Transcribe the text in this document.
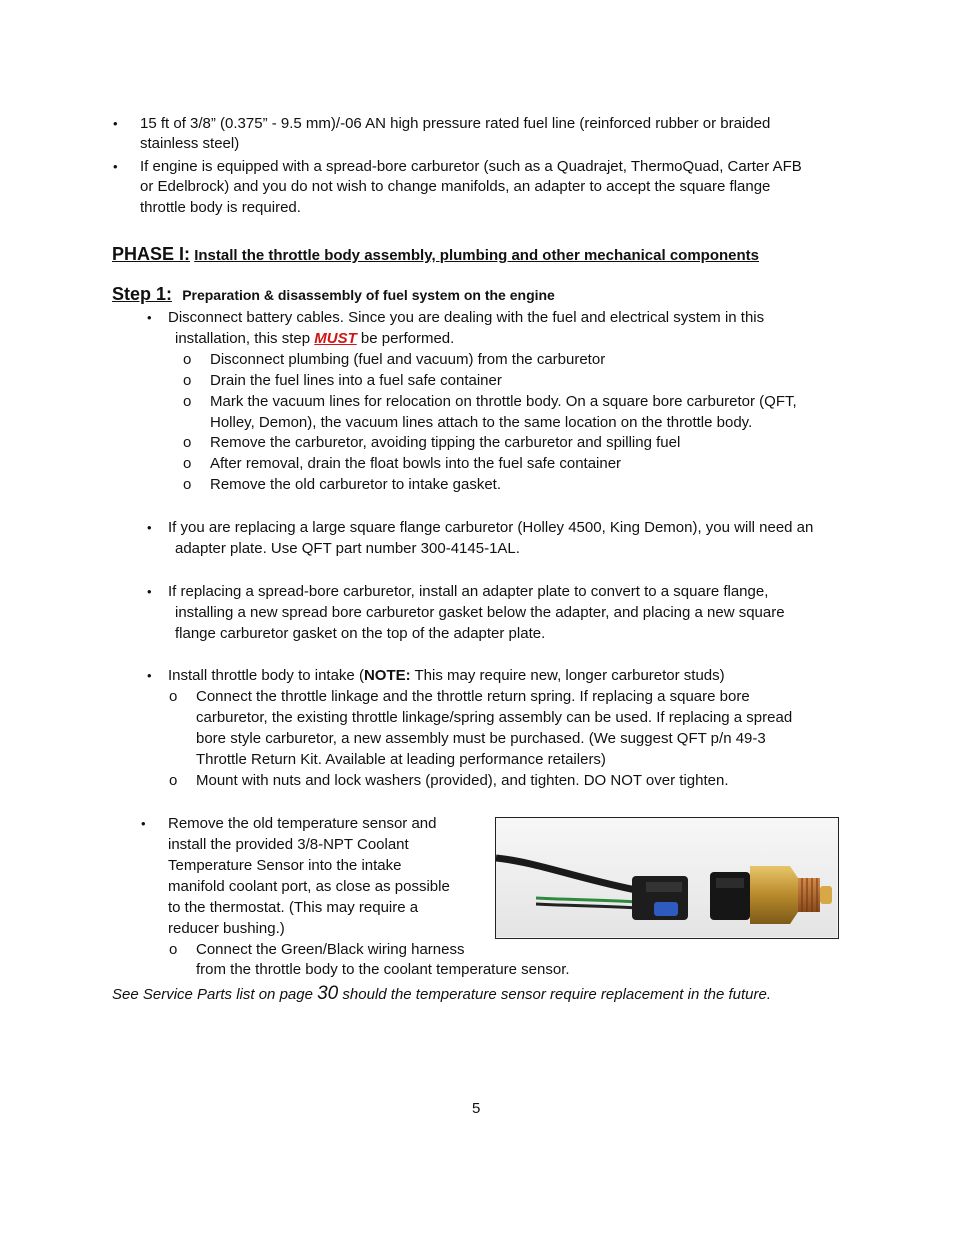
• 15 ft of 3/8” (0.375” - 9.5 mm)/-06 AN high pressure rated fuel line (reinforced rubber or braided
stainless steel)
• If engine is equipped with a spread-bore carburetor (such as a Quadrajet, ThermoQuad, Carter AFB
or Edelbrock) and you do not wish to change manifolds, an adapter to accept the square flange
throttle body is required.
PHASE I: Install the throttle body assembly, plumbing and other mechanical components
Step 1: Preparation & disassembly of fuel system on the engine
• Disconnect battery cables. Since you are dealing with the fuel and electrical system in this
installation, this step MUST be performed.
o Disconnect plumbing (fuel and vacuum) from the carburetor
o Drain the fuel lines into a fuel safe container
o Mark the vacuum lines for relocation on throttle body. On a square bore carburetor (QFT,
Holley, Demon), the vacuum lines attach to the same location on the throttle body.
o Remove the carburetor, avoiding tipping the carburetor and spilling fuel
o After removal, drain the float bowls into the fuel safe container
o Remove the old carburetor to intake gasket.
• If you are replacing a large square flange carburetor (Holley 4500, King Demon), you will need an
adapter plate. Use QFT part number 300-4145-1AL.
• If replacing a spread-bore carburetor, install an adapter plate to convert to a square flange,
installing a new spread bore carburetor gasket below the adapter, and placing a new square
flange carburetor gasket on the top of the adapter plate.
• Install throttle body to intake (NOTE: This may require new, longer carburetor studs)
o Connect the throttle linkage and the throttle return spring. If replacing a square bore
carburetor, the existing throttle linkage/spring assembly can be used. If replacing a spread
bore style carburetor, a new assembly must be purchased. (We suggest QFT p/n 49-3
Throttle Return Kit. Available at leading performance retailers)
o Mount with nuts and lock washers (provided), and tighten. DO NOT over tighten.
• Remove the old temperature sensor and
install the provided 3/8-NPT Coolant
Temperature Sensor into the intake
manifold coolant port, as close as possible
to the thermostat. (This may require a
reducer bushing.)
o Connect the Green/Black wiring harness
from the throttle body to the coolant temperature sensor.
See Service Parts list on page 30 should the temperature sensor require replacement in the future.
5
